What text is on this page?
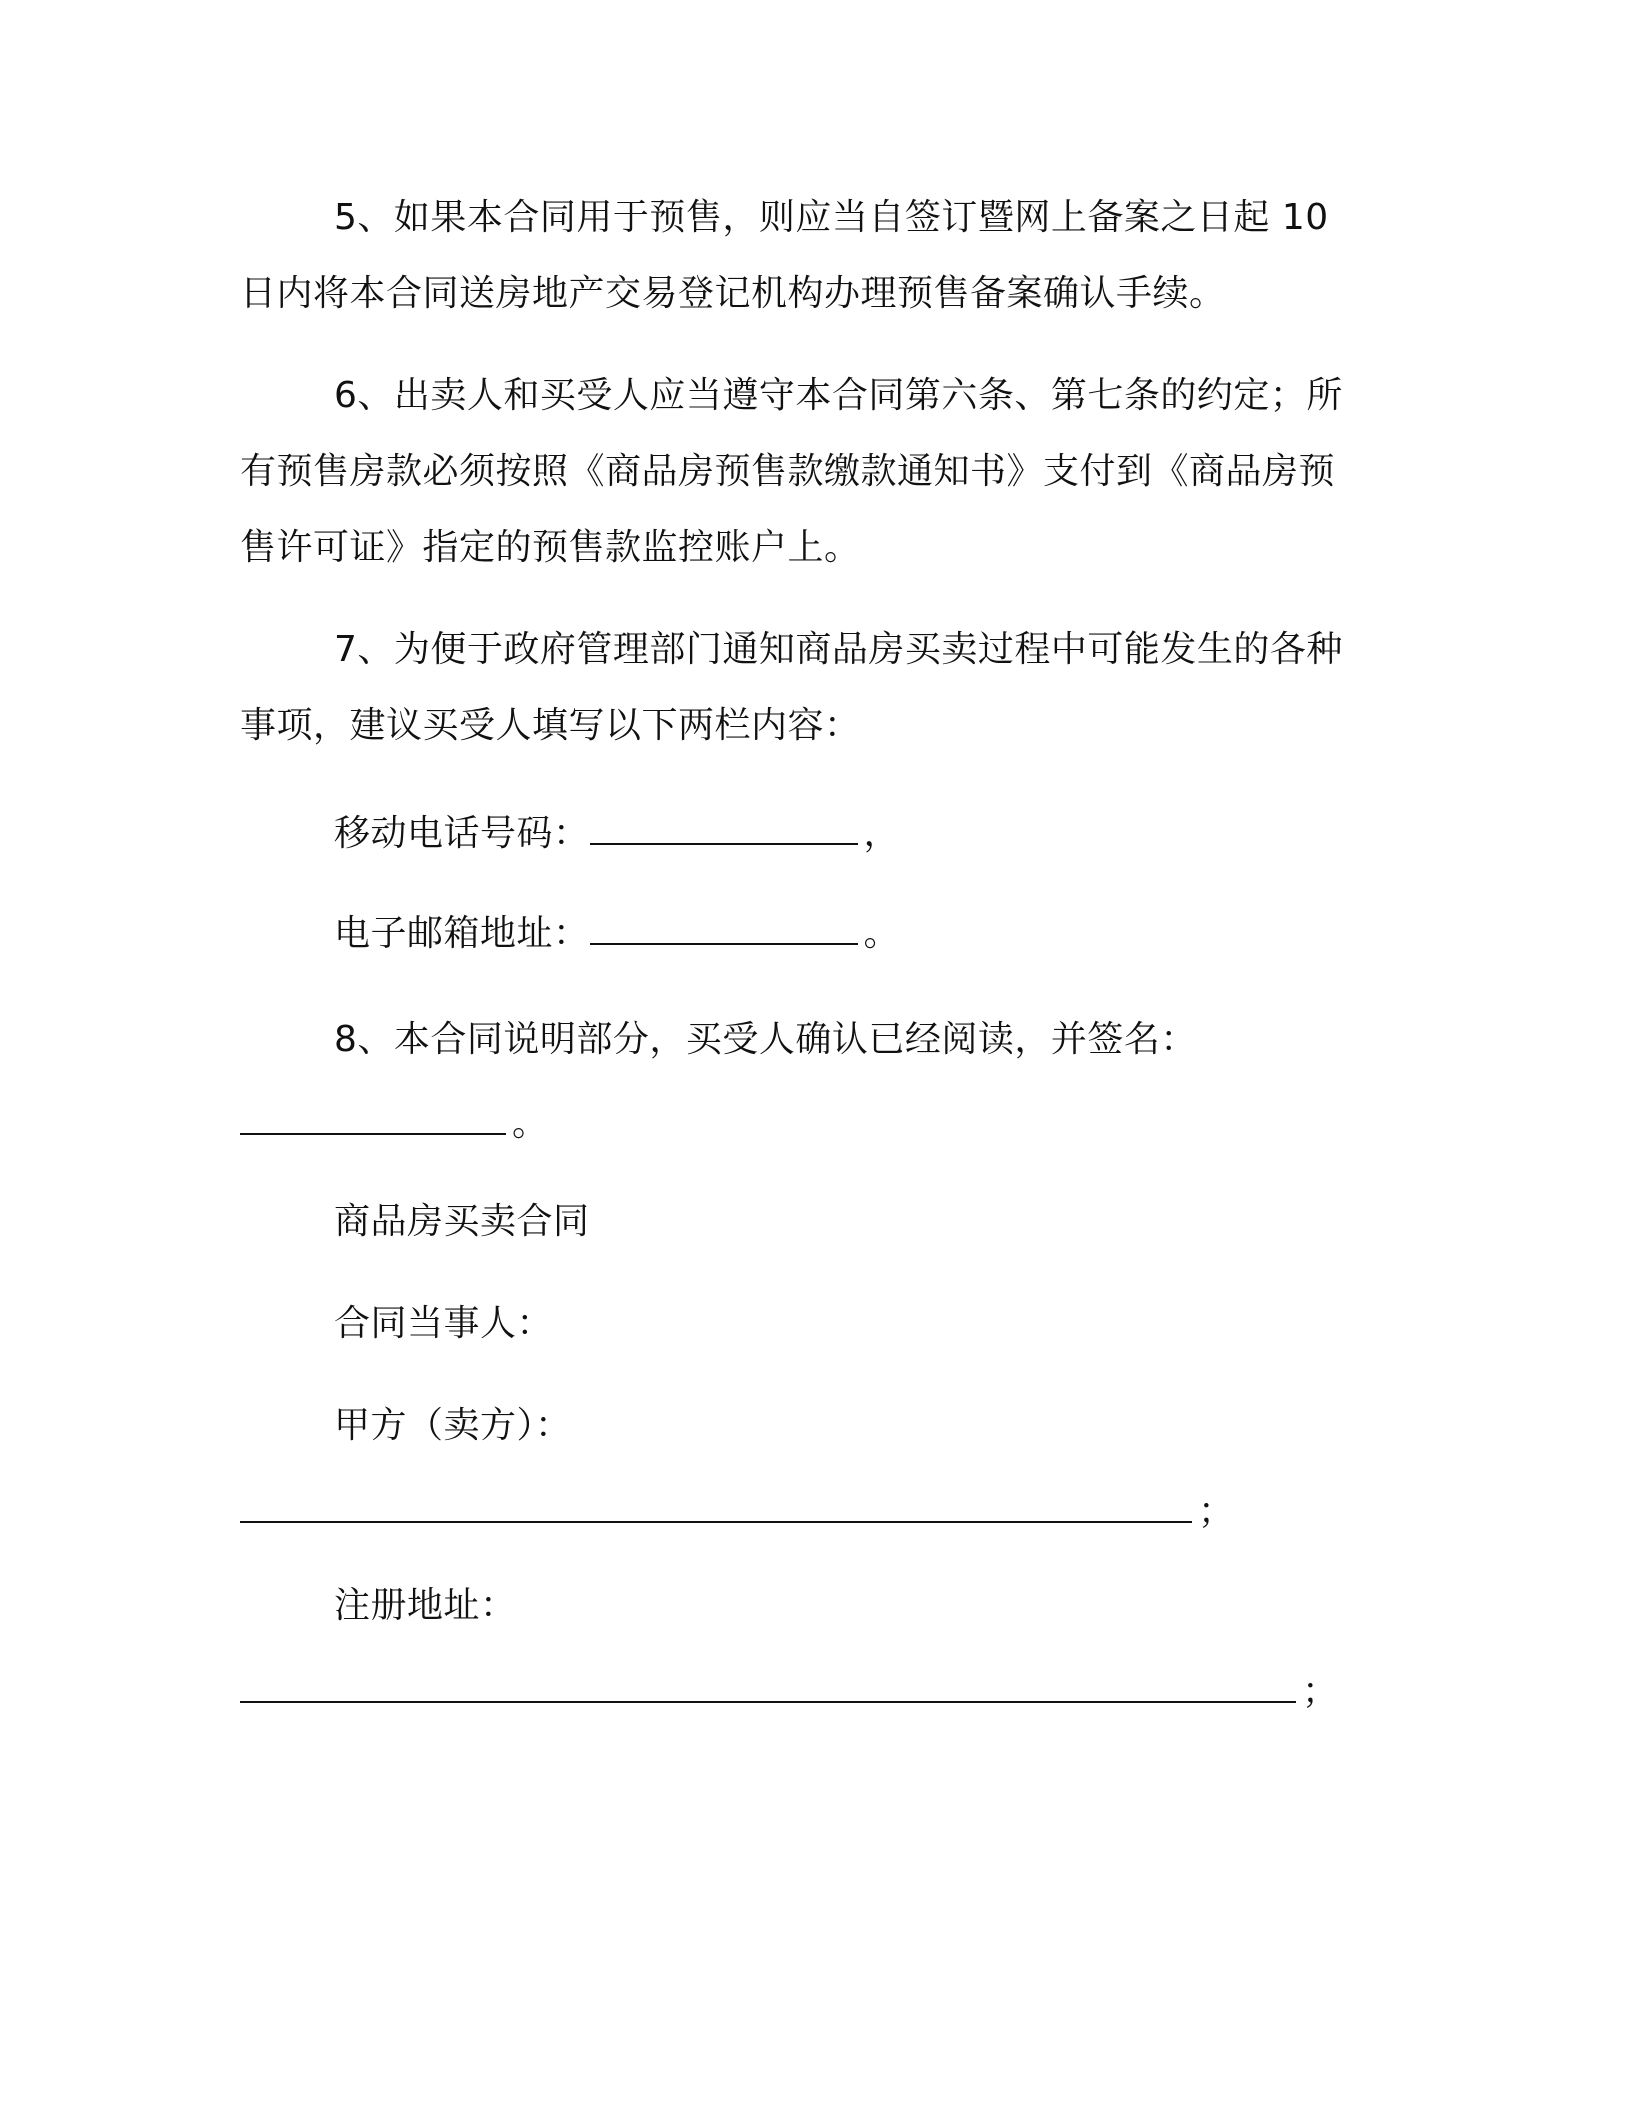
5、如果本合同用于预售，则应当自签订暨网上备案之日起 10
日内将本合同送房地产交易登记机构办理预售备案确认手续。
6、出卖人和买受人应当遵守本合同第六条、第七条的约定；所
有预售房款必须按照《商品房预售款缴款通知书》支付到《商品房预
售许可证》指定的预售款监控账户上。
7、为便于政府管理部门通知商品房买卖过程中可能发生的各种
事项，建议买受人填写以下两栏内容：
移动电话号码：	，
电子邮箱地址：	。
8、本合同说明部分，买受人确认已经阅读，并签名：
。
商品房买卖合同
合同当事人：
甲方（卖方）：
；
注册地址：
；
